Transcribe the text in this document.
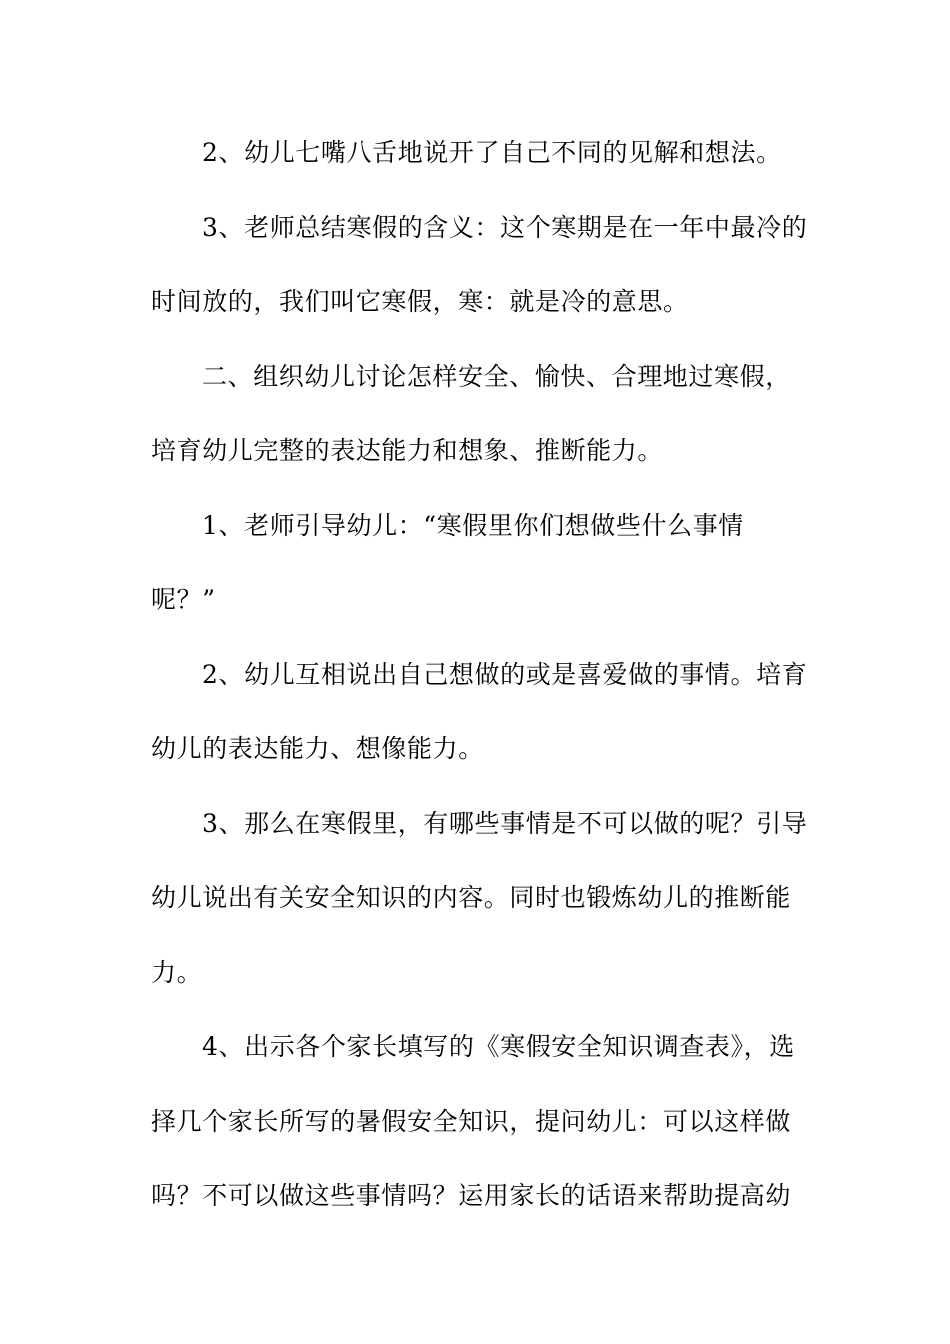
2、幼儿七嘴八舌地说开了自己不同的见解和想法。
3、老师总结寒假的含义：这个寒期是在一年中最冷的
时间放的，我们叫它寒假，寒：就是冷的意思。
二、组织幼儿讨论怎样安全、愉快、合理地过寒假，
培育幼儿完整的表达能力和想象、推断能力。
1、老师引导幼儿：“寒假里你们想做些什么事情
呢？”
2、幼儿互相说出自己想做的或是喜爱做的事情。培育
幼儿的表达能力、想像能力。
3、那么在寒假里，有哪些事情是不可以做的呢？引导
幼儿说出有关安全知识的内容。同时也锻炼幼儿的推断能
力。
4、出示各个家长填写的《寒假安全知识调查表》，选
择几个家长所写的暑假安全知识，提问幼儿：可以这样做
吗？不可以做这些事情吗？运用家长的话语来帮助提高幼
